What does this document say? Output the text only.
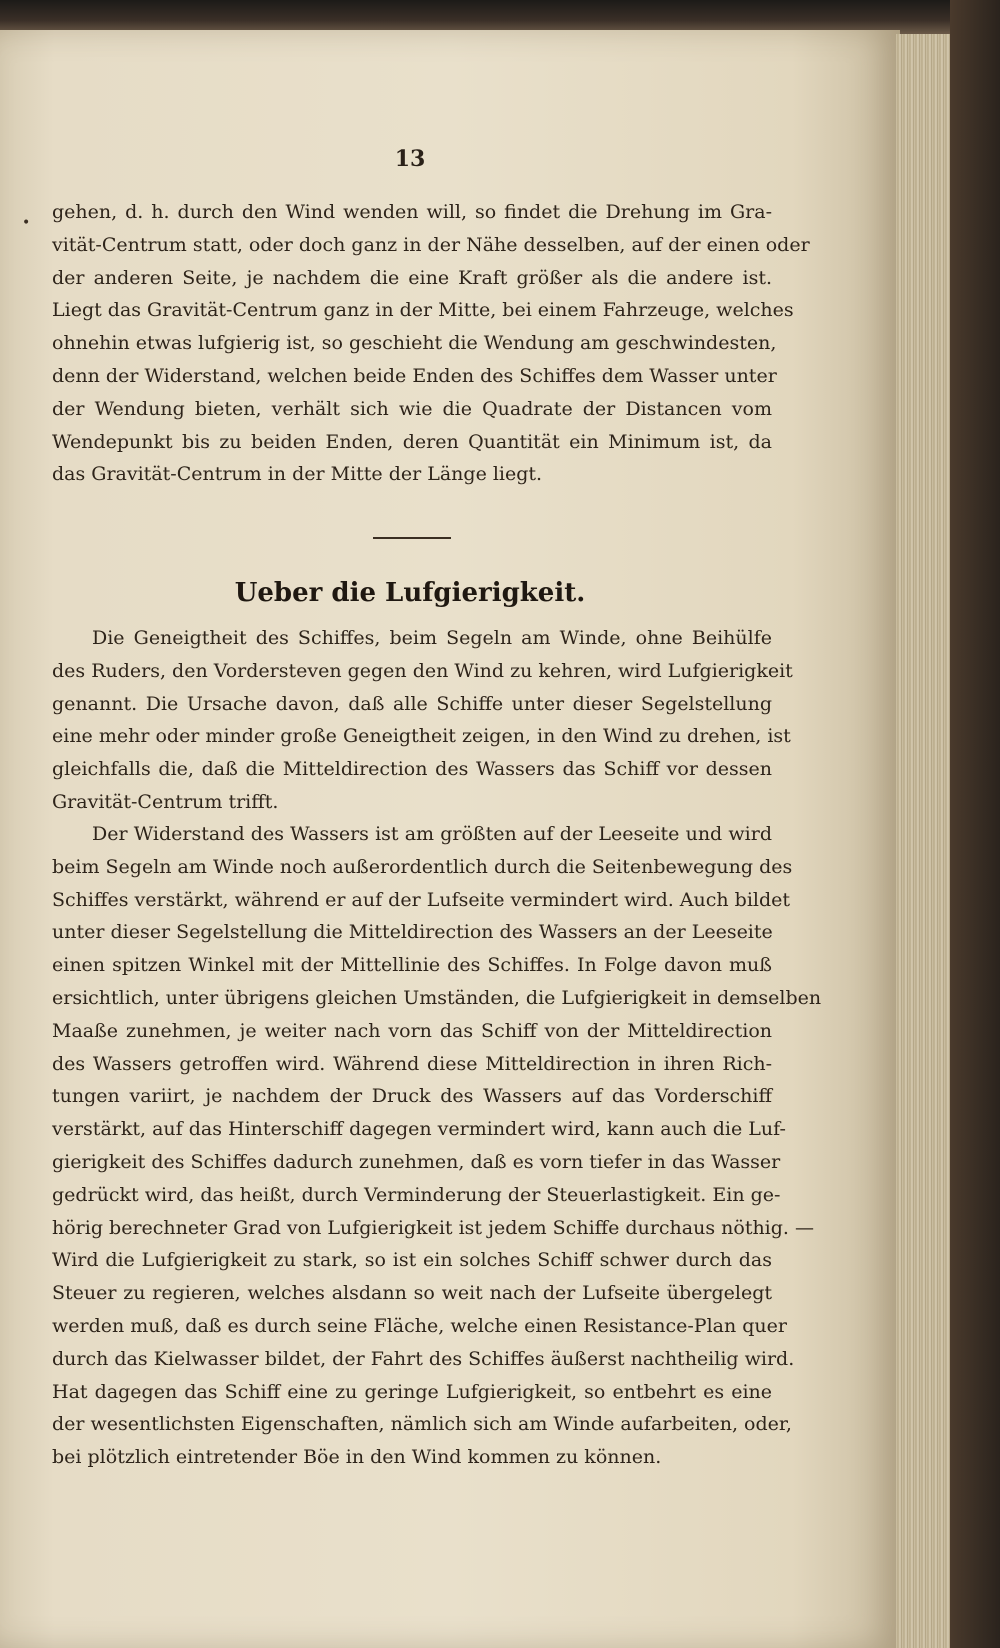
13
• gehen, d. h. durch den Wind wenden will, so findet die Drehung im Gra-
vität-Centrum statt, oder doch ganz in der Nähe desselben, auf der einen oder
der anderen Seite, je nachdem die eine Kraft größer als die andere ist.
Liegt das Gravität-Centrum ganz in der Mitte, bei einem Fahrzeuge, welches
ohnehin etwas lufgierig ist, so geschieht die Wendung am geschwindesten,
denn der Widerstand, welchen beide Enden des Schiffes dem Wasser unter
der Wendung bieten, verhält sich wie die Quadrate der Distancen vom
Wendepunkt bis zu beiden Enden, deren Quantität ein Minimum ist, da
das Gravität-Centrum in der Mitte der Länge liegt.
Ueber die Lufgierigkeit.
Die Geneigtheit des Schiffes, beim Segeln am Winde, ohne Beihülfe
des Ruders, den Vordersteven gegen den Wind zu kehren, wird Lufgierigkeit
genannt. Die Ursache davon, daß alle Schiffe unter dieser Segelstellung
eine mehr oder minder große Geneigtheit zeigen, in den Wind zu drehen, ist
gleichfalls die, daß die Mitteldirection des Wassers das Schiff vor dessen
Gravität-Centrum trifft.
Der Widerstand des Wassers ist am größten auf der Leeseite und wird
beim Segeln am Winde noch außerordentlich durch die Seitenbewegung des
Schiffes verstärkt, während er auf der Lufseite vermindert wird. Auch bildet
unter dieser Segelstellung die Mitteldirection des Wassers an der Leeseite
einen spitzen Winkel mit der Mittellinie des Schiffes. In Folge davon muß
ersichtlich, unter übrigens gleichen Umständen, die Lufgierigkeit in demselben
Maaße zunehmen, je weiter nach vorn das Schiff von der Mitteldirection
des Wassers getroffen wird. Während diese Mitteldirection in ihren Rich-
tungen variirt, je nachdem der Druck des Wassers auf das Vorderschiff
verstärkt, auf das Hinterschiff dagegen vermindert wird, kann auch die Luf-
gierigkeit des Schiffes dadurch zunehmen, daß es vorn tiefer in das Wasser
gedrückt wird, das heißt, durch Verminderung der Steuerlastigkeit. Ein ge-
hörig berechneter Grad von Lufgierigkeit ist jedem Schiffe durchaus nöthig. —
Wird die Lufgierigkeit zu stark, so ist ein solches Schiff schwer durch das
Steuer zu regieren, welches alsdann so weit nach der Lufseite übergelegt
werden muß, daß es durch seine Fläche, welche einen Resistance-Plan quer
durch das Kielwasser bildet, der Fahrt des Schiffes äußerst nachtheilig wird.
Hat dagegen das Schiff eine zu geringe Lufgierigkeit, so entbehrt es eine
der wesentlichsten Eigenschaften, nämlich sich am Winde aufarbeiten, oder,
bei plötzlich eintretender Böe in den Wind kommen zu können.
